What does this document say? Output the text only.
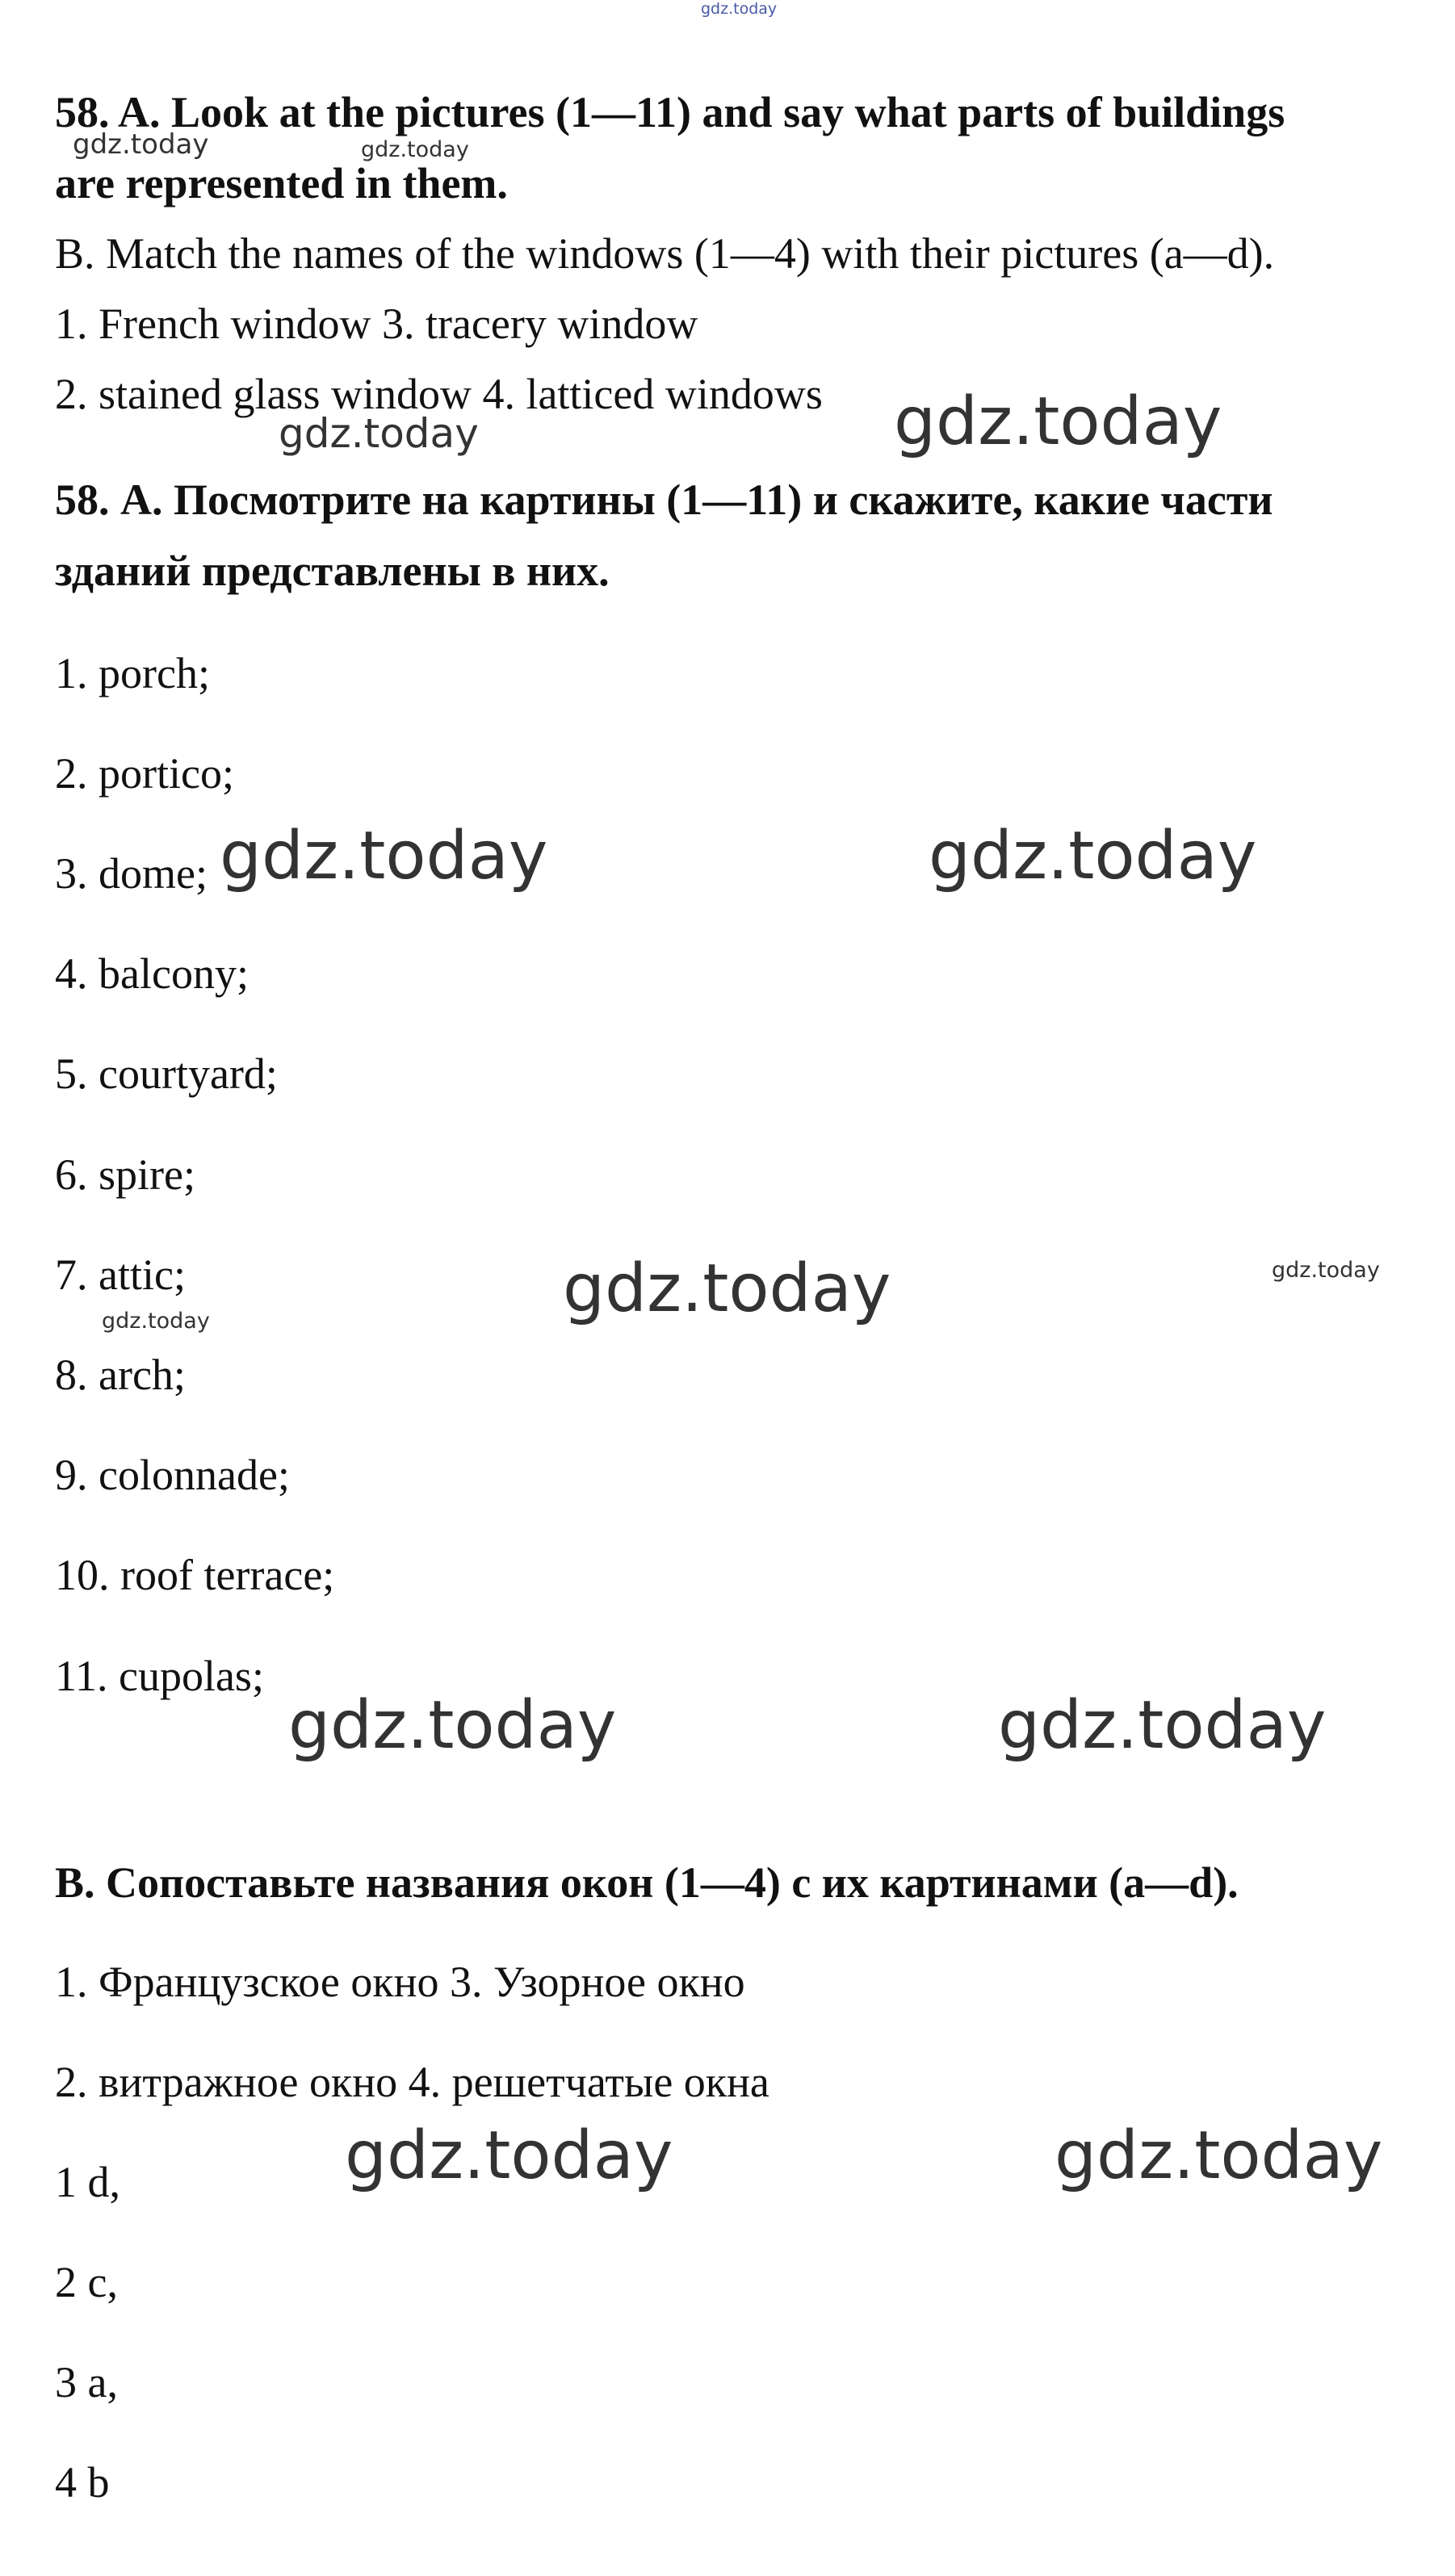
gdz.today
58. A. Look at the pictures (1—11) and say what parts of buildings
are represented in them.
B. Match the names of the windows (1—4) with their pictures (a—d).
1. French window 3. tracery window
2. stained glass window 4. latticed windows
58. А. Посмотрите на картины (1—11) и скажите, какие части
зданий представлены в них.
1. porch;
2. portico;
3. dome;
4. balcony;
5. courtyard;
6. spire;
7. attic;
8. arch;
9. colonnade;
10. roof terrace;
11. cupolas;
В. Сопоставьте названия окон (1—4) с их картинами (a—d).
1. Французское окно 3. Узорное окно
2. витражное окно 4. решетчатые окна
1 d,
2 c,
3 a,
4 b
gdz.today	gdz.today
gdz.today	gdz.today
gdz.today	gdz.today
gdz.today	gdz.today
gdz.today
gdz.today	gdz.today
gdz.today	gdz.today
